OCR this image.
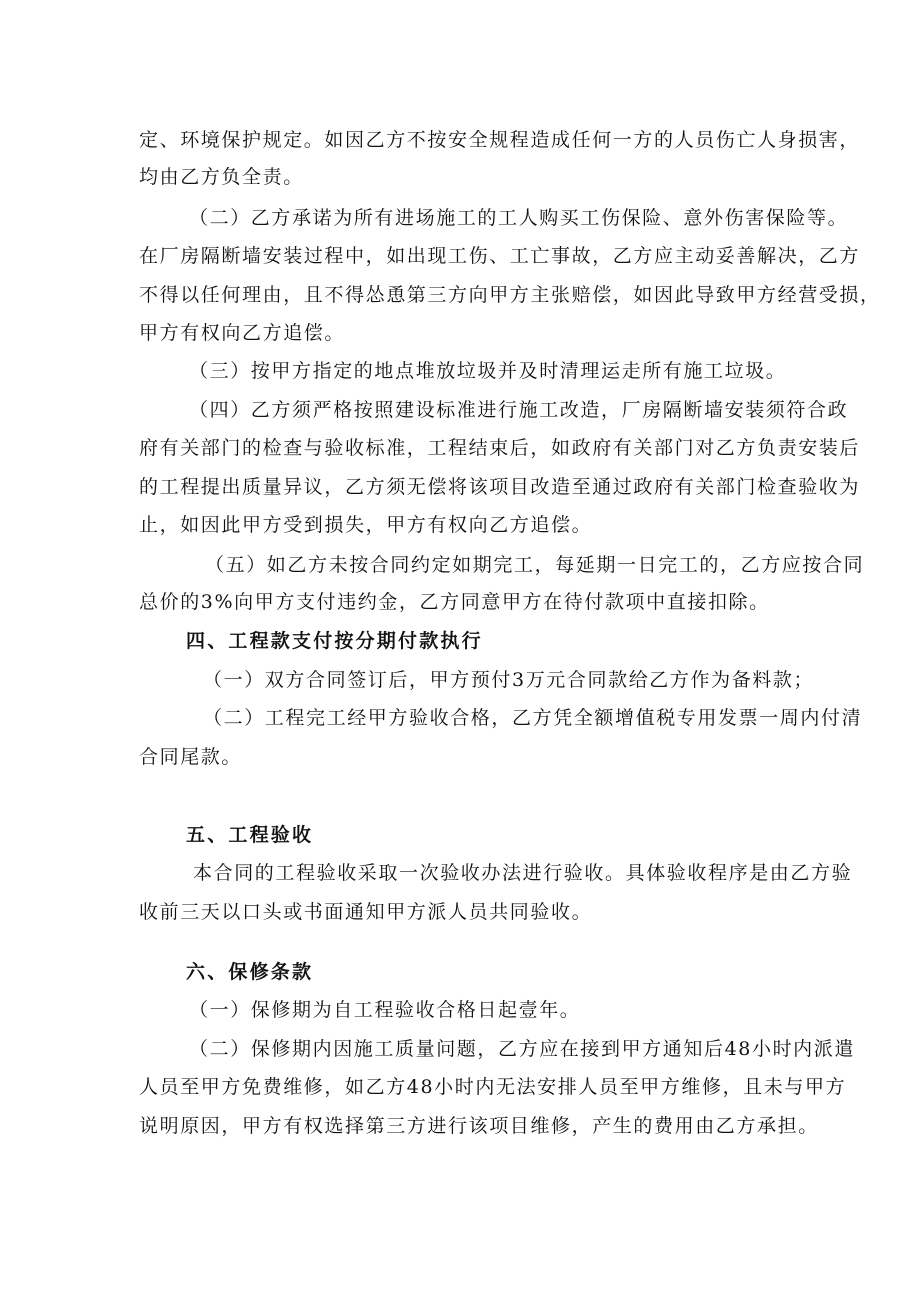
定、环境保护规定。如因乙方不按安全规程造成任何一方的人员伤亡人身损害，
均由乙方负全责。
（二）乙方承诺为所有进场施工的工人购买工伤保险、意外伤害保险等。
在厂房隔断墙安装过程中，如出现工伤、工亡事故，乙方应主动妥善解决，乙方
不得以任何理由，且不得怂恿第三方向甲方主张赔偿，如因此导致甲方经营受损，
甲方有权向乙方追偿。
（三）按甲方指定的地点堆放垃圾并及时清理运走所有施工垃圾。
（四）乙方须严格按照建设标准进行施工改造，厂房隔断墙安装须符合政
府有关部门的检查与验收标准，工程结束后，如政府有关部门对乙方负责安装后
的工程提出质量异议，乙方须无偿将该项目改造至通过政府有关部门检查验收为
止，如因此甲方受到损失，甲方有权向乙方追偿。
（五）如乙方未按合同约定如期完工，每延期一日完工的，乙方应按合同
总价的3%向甲方支付违约金，乙方同意甲方在待付款项中直接扣除。
四、工程款支付按分期付款执行
（一）双方合同签订后，甲方预付3万元合同款给乙方作为备料款；
（二）工程完工经甲方验收合格，乙方凭全额增值税专用发票一周内付清
合同尾款。
五、工程验收
本合同的工程验收采取一次验收办法进行验收。具体验收程序是由乙方验
收前三天以口头或书面通知甲方派人员共同验收。
六、保修条款
（一）保修期为自工程验收合格日起壹年。
（二）保修期内因施工质量问题，乙方应在接到甲方通知后48小时内派遣
人员至甲方免费维修，如乙方48小时内无法安排人员至甲方维修，且未与甲方
说明原因，甲方有权选择第三方进行该项目维修，产生的费用由乙方承担。
